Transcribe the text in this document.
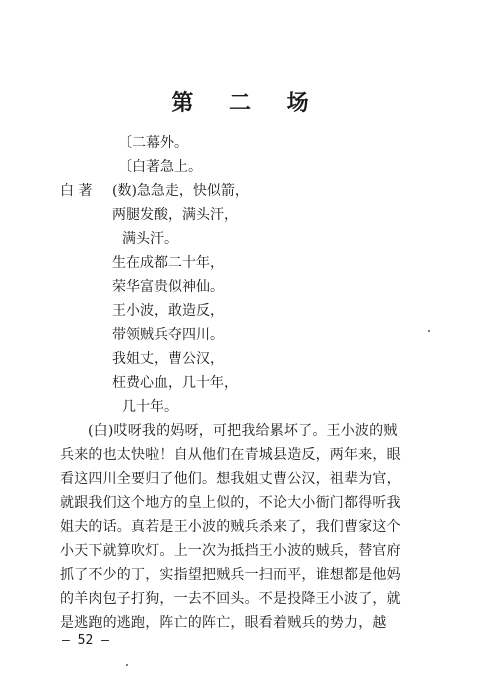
第 二 场
〔二幕外。
〔白著急上。
白 著 (数)急急走，快似箭，
两腿发酸，满头汗，
满头汗。
生在成都二十年，
荣华富贵似神仙。
王小波，敢造反，
带领贼兵夺四川。
我姐丈，曹公汉，
枉费心血，几十年，
几十年。
(白)哎呀我的妈呀，可把我给累坏了。王小波的贼
兵来的也太快啦！自从他们在青城县造反，两年来，眼
看这四川全要归了他们。想我姐丈曹公汉，祖辈为官，
就跟我们这个地方的皇上似的，不论大小衙门都得听我
姐夫的话。真若是王小波的贼兵杀来了，我们曹家这个
小天下就算吹灯。上一次为抵挡王小波的贼兵，替官府
抓了不少的丁，实指望把贼兵一扫而平，谁想都是他妈
的羊肉包子打狗，一去不回头。不是投降王小波了，就
是逃跑的逃跑，阵亡的阵亡，眼看着贼兵的势力，越
— 52 —
